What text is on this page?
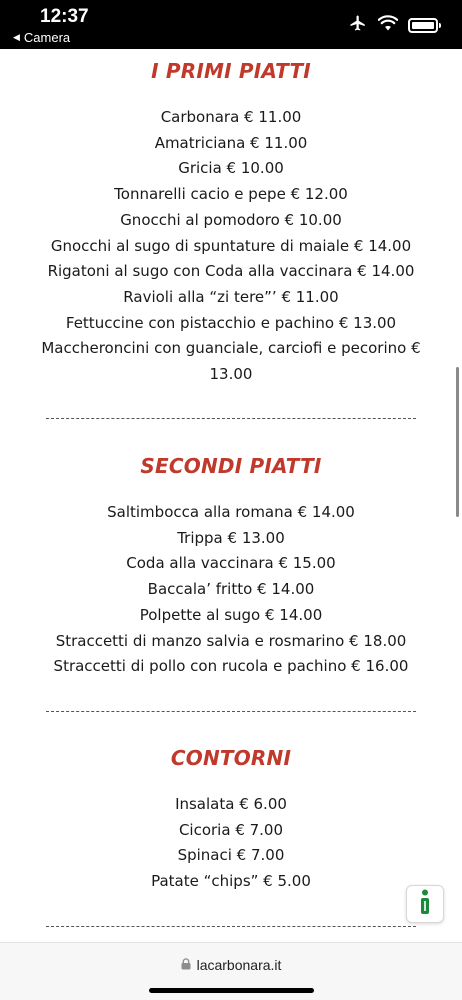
12:37
◀ Camera
I PRIMI PIATTI
Carbonara € 11.00
Amatriciana € 11.00
Gricia € 10.00
Tonnarelli cacio e pepe € 12.00
Gnocchi al pomodoro € 10.00
Gnocchi al sugo di spuntature di maiale € 14.00
Rigatoni al sugo con Coda alla vaccinara € 14.00
Ravioli alla “zi tere”’ € 11.00
Fettuccine con pistacchio e pachino € 13.00
Maccheroncini con guanciale, carciofi e pecorino € 13.00
SECONDI PIATTI
Saltimbocca alla romana € 14.00
Trippa € 13.00
Coda alla vaccinara € 15.00
Baccala’ fritto € 14.00
Polpette al sugo € 14.00
Straccetti di manzo salvia e rosmarino € 18.00
Straccetti di pollo con rucola e pachino € 16.00
CONTORNI
Insalata € 6.00
Cicoria € 7.00
Spinaci € 7.00
Patate “chips” € 5.00
lacarbonara.it
